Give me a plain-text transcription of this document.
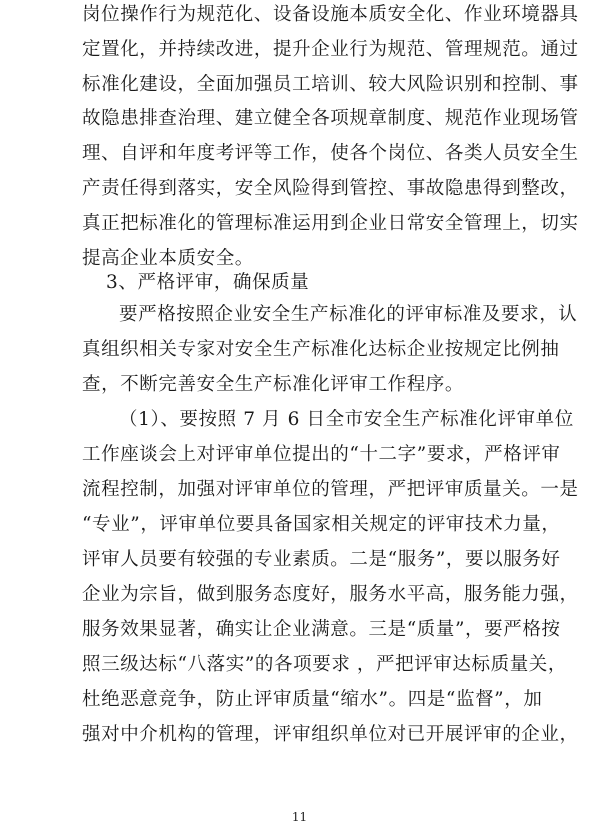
岗位操作行为规范化、设备设施本质安全化、作业环境器具
定置化，并持续改进，提升企业行为规范、管理规范。通过
标准化建设，全面加强员工培训、较大风险识别和控制、事
故隐患排查治理、建立健全各项规章制度、规范作业现场管
理、自评和年度考评等工作，使各个岗位、各类人员安全生
产责任得到落实，安全风险得到管控、事故隐患得到整改，
真正把标准化的管理标准运用到企业日常安全管理上，切实
提高企业本质安全。
3、严格评审，确保质量
要严格按照企业安全生产标准化的评审标准及要求，认
真组织相关专家对安全生产标准化达标企业按规定比例抽
查，不断完善安全生产标准化评审工作程序。
（1）、要按照 7 月 6 日全市安全生产标准化评审单位
工作座谈会上对评审单位提出的“十二字”要求，严格评审
流程控制，加强对评审单位的管理，严把评审质量关。一是
“专业”，评审单位要具备国家相关规定的评审技术力量，
评审人员要有较强的专业素质。二是“服务”，要以服务好
企业为宗旨，做到服务态度好，服务水平高，服务能力强，
服务效果显著，确实让企业满意。三是“质量”，要严格按
照三级达标“八落实”的各项要求 ，严把评审达标质量关，
杜绝恶意竞争，防止评审质量“缩水”。四是“监督”，加
强对中介机构的管理，评审组织单位对已开展评审的企业，
11
